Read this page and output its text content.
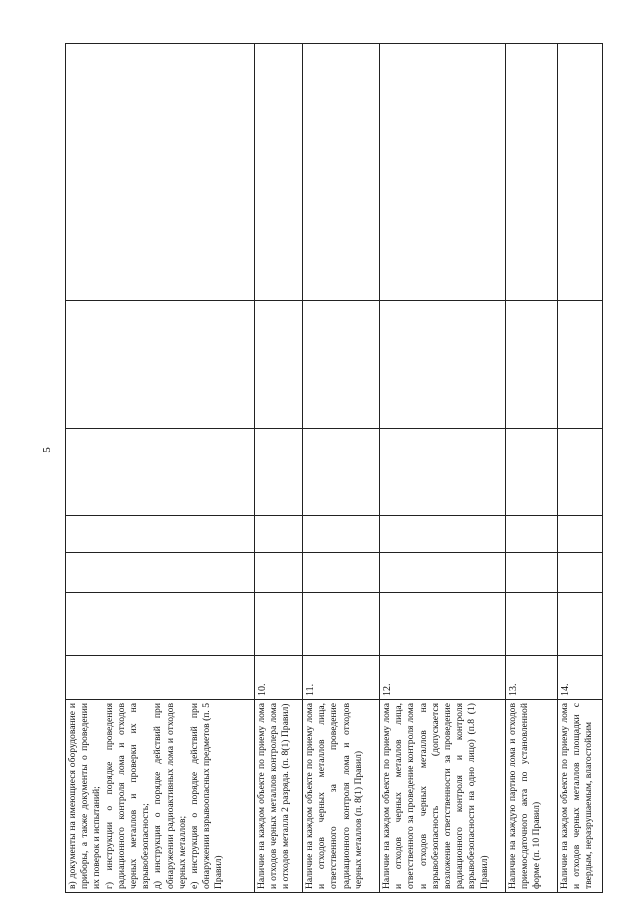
5

в) документы на имеющиеся оборудование и приборы, а также документы о проведении их поверок и испытаний; г) инструкции о порядке проведения радиационного контроля лома и отходов черных металлов и проверки их на взрывобезопасность; д) инструкция о порядке действий при обнаружении радиоактивных лома и отходов черных металлов; е) инструкция о порядке действий при обнаружении взрывоопасных предметов (п. 5 Правил)							

Наличие на каждом объекте по приему лома и отходов черных металлов контролера лома и отходов металла 2 разряда. (п. 8(1) Правил)	10.						
Наличие на каждом объекте по приему лома и отходов черных металлов лица, ответственного за проведение радиационного контроля лома и отходов черных металлов (п. 8(1) Правил)	11.						
Наличие на каждом объекте по приему лома и отходов черных металлов лица, ответственного за проведение контроля лома и отходов черных металлов на взрывобезопасность (допускается возложение ответственности за проведение радиационного контроля и контроля взрывобезопасности на одно лицо) (п.8 (1) Правил)	12.						
Наличие на каждую партию лома и отходов приемосдаточного акта по установленной форме (п. 10 Правил)	13.						
Наличие на каждом объекте по приему лома и отходов черных металлов площадки с твердым, неразрушаемым, влагостойким	14.						
